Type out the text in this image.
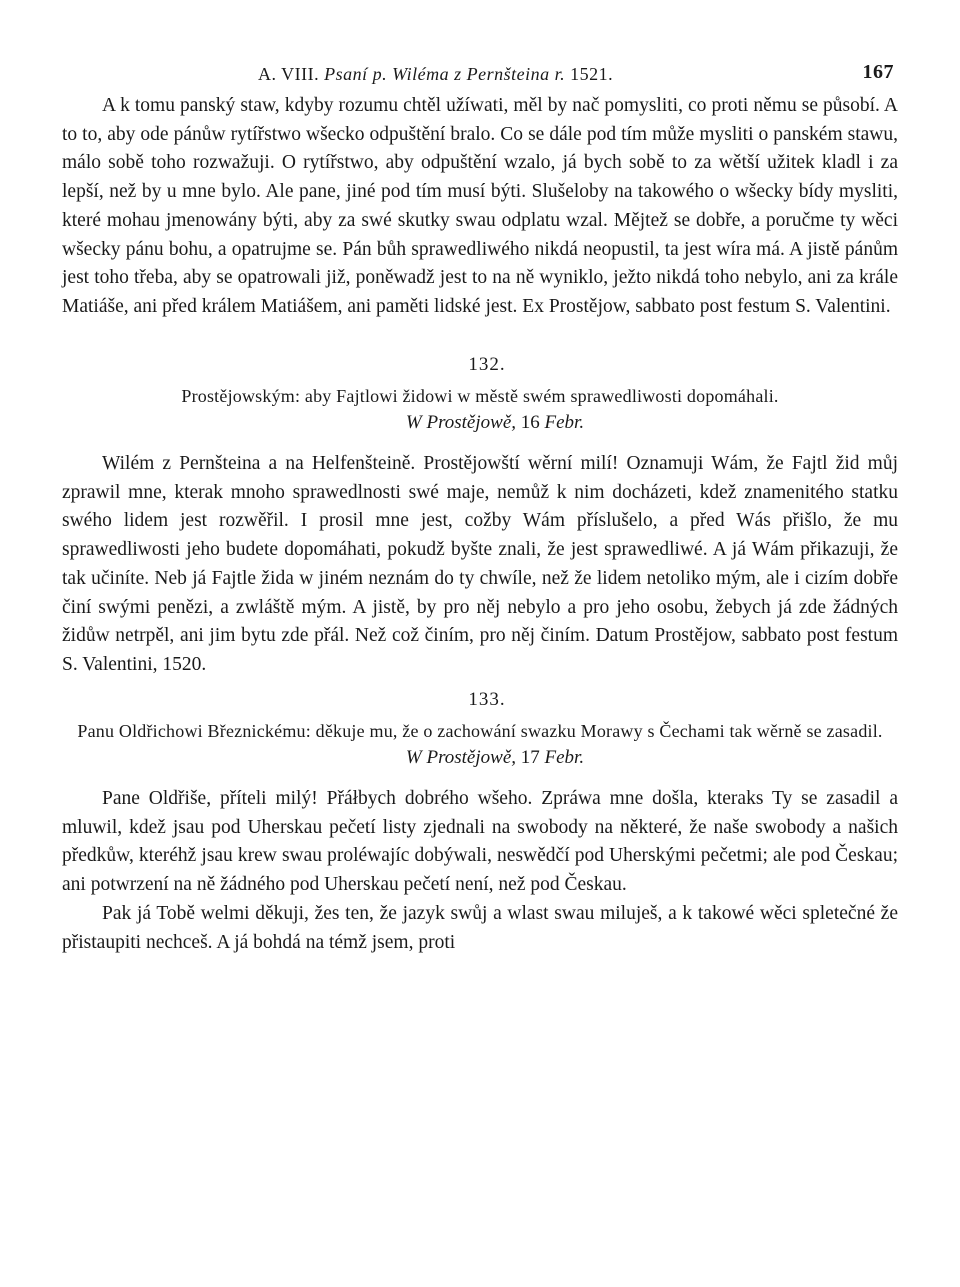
A. VIII. Psaní p. Wiléma z Pernšteina r. 1521.	167

A k tomu panský staw, kdyby rozumu chtěl užíwati, měl by nač pomysliti, co proti němu se působí. A to to, aby ode pánůw rytířstwo wšecko odpuštění bralo. Co se dále pod tím může mysliti o panském stawu, málo sobě toho rozwažuji. O rytířstwo, aby odpuštění wzalo, já bych sobě to za wětší užitek kladl i za lepší, než by u mne bylo. Ale pane, jiné pod tím musí býti. Slušeloby na takowého o wšecky bídy mysliti, které mohau jmenowány býti, aby za swé skutky swau odplatu wzal. Mějtež se dobře, a poručme ty wěci wšecky pánu bohu, a opatrujme se. Pán bůh sprawedliwého nikdá neopustil, ta jest wíra má. A jistě pánům jest toho třeba, aby se opatrowali již, poněwadž jest to na ně wyniklo, ježto nikdá toho nebylo, ani za krále Matiáše, ani před králem Matiášem, ani paměti lidské jest. Ex Prostějow, sabbato post festum S. Valentini.

132.

Prostějowským: aby Fajtlowi židowi w městě swém sprawedliwosti dopomáhali.

W Prostějowě, 16 Febr.

Wilém z Pernšteina a na Helfenšteině. Prostějowští wěrní milí! Oznamuji Wám, že Fajtl žid můj zprawil mne, kterak mnoho sprawedlnosti swé maje, nemůž k nim docházeti, kdež znamenitého statku swého lidem jest rozwěřil. I prosil mne jest, cožby Wám příslušelo, a před Wás přišlo, že mu sprawedliwosti jeho budete dopomáhati, pokudž byšte znali, že jest sprawedliwé. A já Wám přikazuji, že tak učiníte. Neb já Fajtle žida w jiném neznám do ty chwíle, než že lidem netoliko mým, ale i cizím dobře činí swými penězi, a zwláště mým. A jistě, by pro něj nebylo a pro jeho osobu, žebych já zde žádných židůw netrpěl, ani jim bytu zde přál. Než což činím, pro něj činím. Datum Prostějow, sabbato post festum S. Valentini, 1520.

133.

Panu Oldřichowi Březnickému: děkuje mu, že o zachowání swazku Morawy s Čechami tak wěrně se zasadil.

W Prostějowě, 17 Febr.

Pane Oldřiše, příteli milý! Přáłbych dobrého wšeho. Zpráwa mne došla, kteraks Ty se zasadil a mluwil, kdež jsau pod Uherskau pečetí listy zjednali na swobody na některé, že naše swobody a našich předkůw, kteréhž jsau krew swau proléwajíc dobýwali, neswědčí pod Uherskými pečetmi; ale pod Českau; ani potwrzení na ně žádného pod Uherskau pečetí není, než pod Českau.

Pak já Tobě welmi děkuji, žes ten, že jazyk swůj a wlast swau miluješ, a k takowé wěci spletečné že přistaupiti nechceš. A já bohdá na témž jsem, proti
